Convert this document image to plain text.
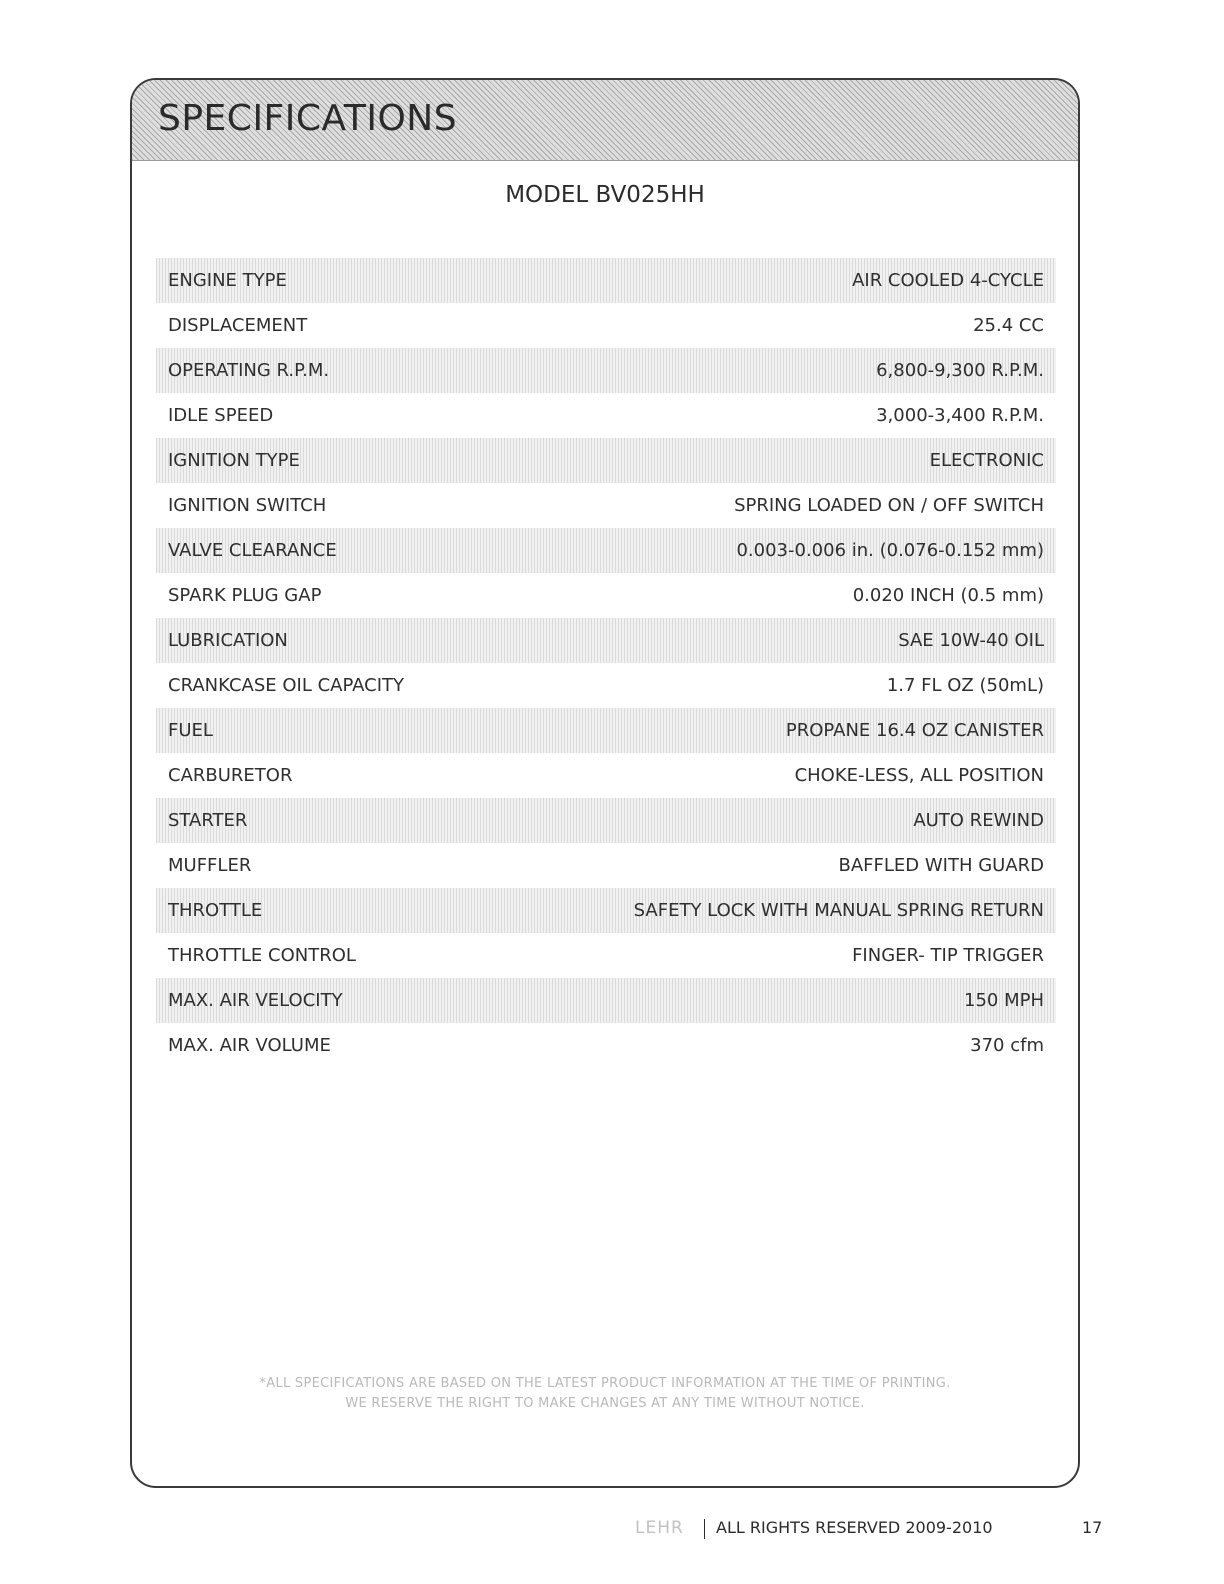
SPECIFICATIONS
MODEL BV025HH
ENGINE TYPE	AIR COOLED 4-CYCLE
DISPLACEMENT	25.4 CC
OPERATING R.P.M.	6,800-9,300 R.P.M.
IDLE SPEED	3,000-3,400 R.P.M.
IGNITION TYPE	ELECTRONIC
IGNITION SWITCH	SPRING LOADED ON / OFF SWITCH
VALVE CLEARANCE	0.003-0.006 in. (0.076-0.152 mm)
SPARK PLUG GAP	0.020 INCH (0.5 mm)
LUBRICATION	SAE 10W-40 OIL
CRANKCASE OIL CAPACITY	1.7 FL OZ (50mL)
FUEL	PROPANE 16.4 OZ CANISTER
CARBURETOR	CHOKE-LESS, ALL POSITION
STARTER	AUTO REWIND
MUFFLER	BAFFLED WITH GUARD
THROTTLE	SAFETY LOCK WITH MANUAL SPRING RETURN
THROTTLE CONTROL	FINGER- TIP TRIGGER
MAX. AIR VELOCITY	150 MPH
MAX. AIR VOLUME	370 cfm
*ALL SPECIFICATIONS ARE BASED ON THE LATEST PRODUCT INFORMATION AT THE TIME OF PRINTING.
WE RESERVE THE RIGHT TO MAKE CHANGES AT ANY TIME WITHOUT NOTICE.
LEHR ALL RIGHTS RESERVED 2009-2010	17
